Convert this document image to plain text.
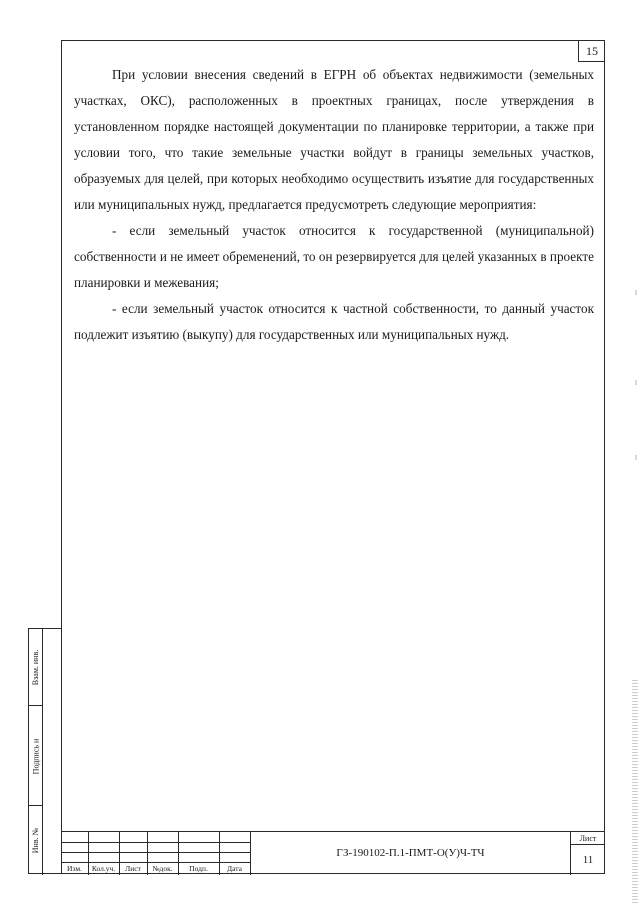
15

При условии внесения сведений в ЕГРН об объектах недвижимости (земельных участках, ОКС), расположенных в проектных границах, после утверждения в установленном порядке настоящей документации по планировке территории, а также при условии того, что такие земельные участки войдут в границы земельных участков, образуемых для целей, при которых необходимо осуществить изъятие для государственных или муниципальных нужд, предлагается предусмотреть следующие мероприятия:

- если земельный участок относится к государственной (муниципальной) собственности и не имеет обременений, то он резервируется для целей указанных в проекте планировки и межевания;

- если земельный участок относится к частной собственности, то данный участок подлежит изъятию (выкупу) для государственных или муниципальных нужд.

Взам. инв.
Подпись и
Инв. №
Изм.	Кол.уч.	Лист	№док.	Подп.	Дата
ГЗ-190102-П.1-ПМТ-О(У)Ч-ТЧ
Лист
11
